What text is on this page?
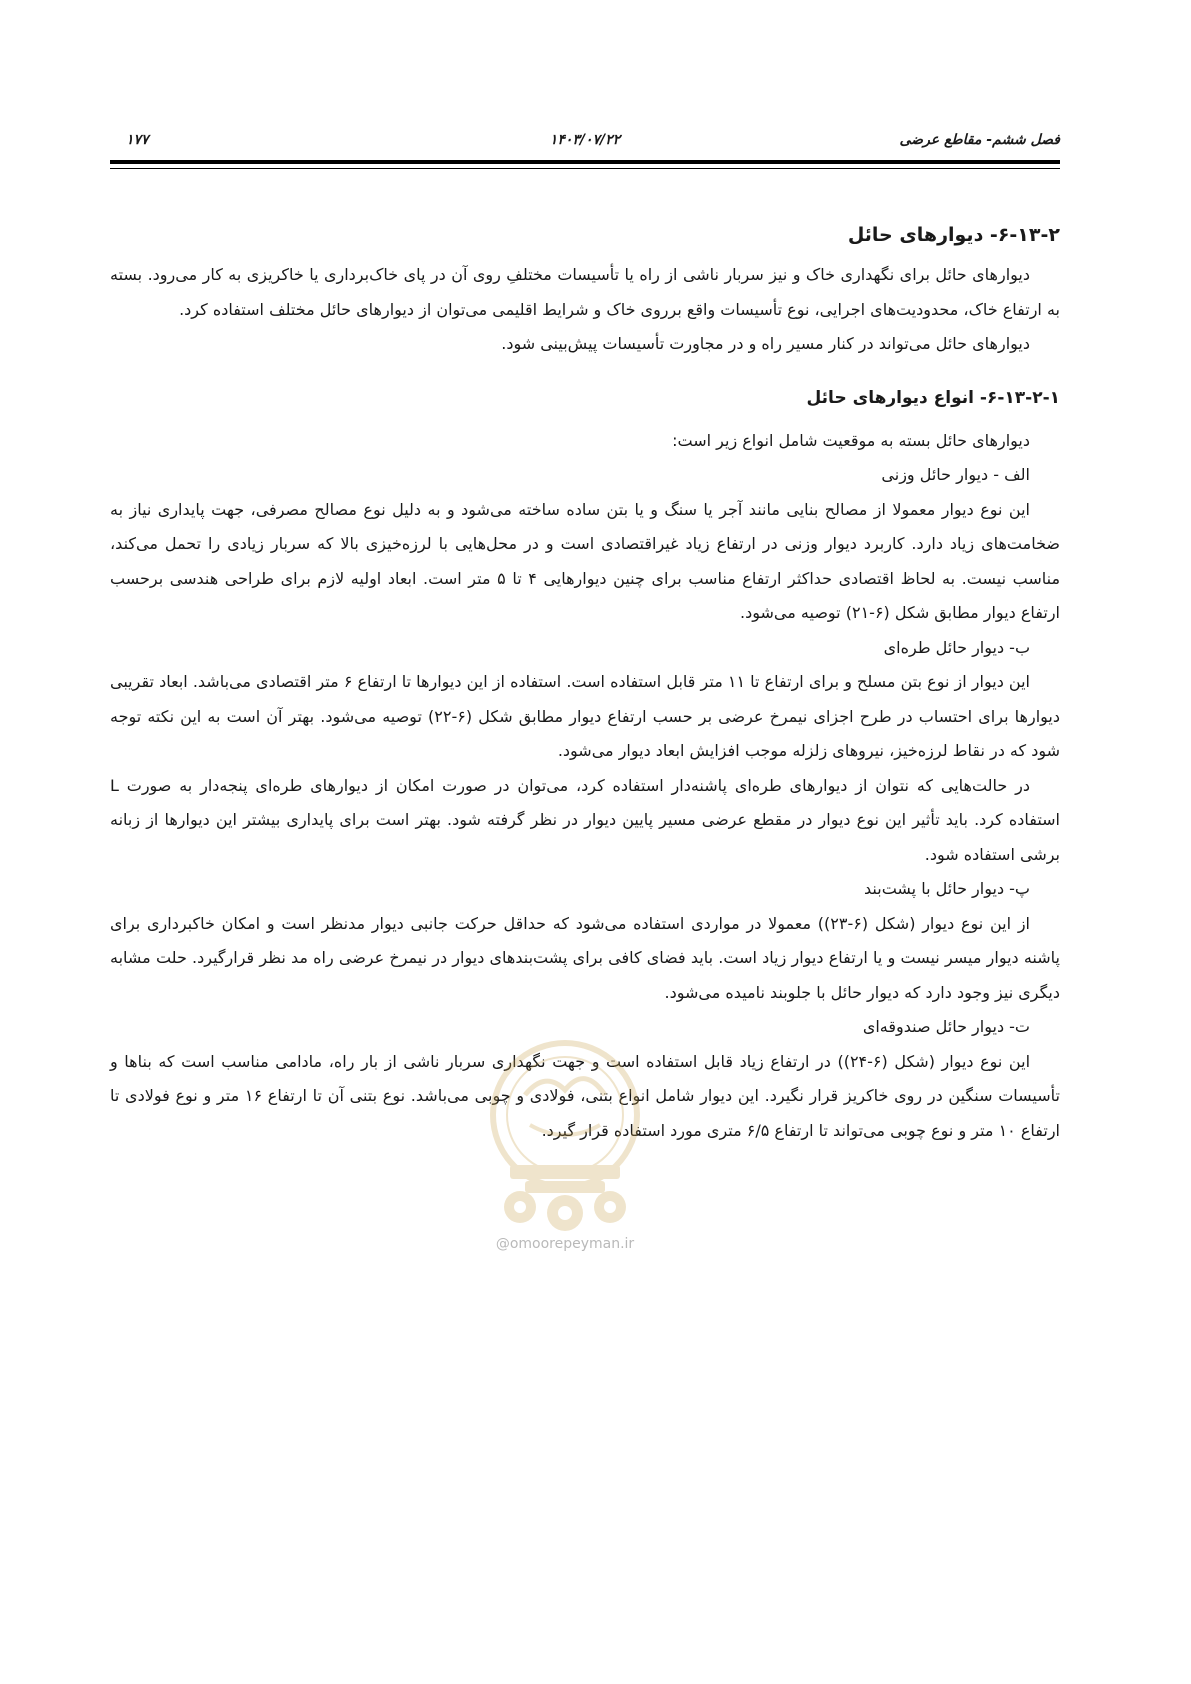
فصل ششم- مقاطع عرضی
۱۴۰۳/۰۷/۲۲
۱۷۷
۶-۱۳-۲- دیوارهای حائل

دیوارهای حائل برای نگهداری خاک و نیز سربار ناشی از راه یا تأسیسات مختلفِ روی آن در پای خاک‌برداری یا خاکریزی به کار می‌رود. بسته به ارتفاع خاک، محدودیت‌های اجرایی، نوع تأسیسات واقع برروی خاک و شرایط اقلیمی می‌توان از دیوارهای حائل مختلف استفاده کرد.

دیوارهای حائل می‌تواند در کنار مسیر راه و در مجاورت تأسیسات پیش‌بینی شود.

۶-۱۳-۲-۱- انواع دیوارهای حائل

دیوارهای حائل بسته به موقعیت شامل انواع زیر است:

الف - دیوار حائل وزنی

این نوع دیوار معمولا از مصالح بنایی مانند آجر یا سنگ و یا بتن ساده ساخته می‌شود و به دلیل نوع مصالح مصرفی، جهت پایداری نیاز به ضخامت‌های زیاد دارد. کاربرد دیوار وزنی در ارتفاع زیاد غیراقتصادی است و در محل‌هایی با لرزه‌خیزی بالا که سربار زیادی را تحمل می‌کند، مناسب نیست. به لحاظ اقتصادی حداکثر ارتفاع مناسب برای چنین دیوارهایی ۴ تا ۵ متر است. ابعاد اولیه لازم برای طراحی هندسی برحسب ارتفاع دیوار مطابق شکل (۶-۲۱) توصیه می‌شود.

ب- دیوار حائل طره‌ای

این دیوار از نوع بتن مسلح و برای ارتفاع تا ۱۱ متر قابل استفاده است. استفاده از این دیوارها تا ارتفاع ۶ متر اقتصادی می‌باشد. ابعاد تقریبی دیوارها برای احتساب در طرح اجزای نیمرخ عرضی بر حسب ارتفاع دیوار مطابق شکل (۶-۲۲) توصیه می‌شود. بهتر آن است به این نکته توجه شود که در نقاط لرزه‌خیز، نیروهای زلزله موجب افزایش ابعاد دیوار می‌شود.

در حالت‌هایی که نتوان از دیوارهای طره‌ای پاشنه‌دار استفاده کرد، می‌توان در صورت امکان از دیوارهای طره‌ای پنجه‌دار به صورت L استفاده کرد. باید تأثیر این نوع دیوار در مقطع عرضی مسیر پایین دیوار در نظر گرفته شود. بهتر است برای پایداری بیشتر این دیوارها از زبانه برشی استفاده شود.

پ- دیوار حائل با پشت‌بند

از این نوع دیوار (شکل (۶-۲۳)) معمولا در مواردی استفاده می‌شود که حداقل حرکت جانبی دیوار مدنظر است و امکان خاکبرداری برای پاشنه دیوار میسر نیست و یا ارتفاع دیوار زیاد است. باید فضای کافی برای پشت‌بندهای دیوار در نیمرخ عرضی راه مد نظر قرارگیرد. حلت مشابه دیگری نیز وجود دارد که دیوار حائل با جلوبند نامیده می‌شود.

ت- دیوار حائل صندوقه‌ای

این نوع دیوار (شکل (۶-۲۴)) در ارتفاع زیاد قابل استفاده است و جهت نگهداری سربار ناشی از بار راه، مادامی مناسب است که بناها و تأسیسات سنگین در روی خاکریز قرار نگیرد. این دیوار شامل انواع بتنی، فولادی و چوبی می‌باشد. نوع بتنی آن تا ارتفاع ۱۶ متر و نوع فولادی تا ارتفاع ۱۰ متر و نوع چوبی می‌تواند تا ارتفاع ۶/۵ متری مورد استفاده قرار گیرد.

@omoorepeyman.ir
